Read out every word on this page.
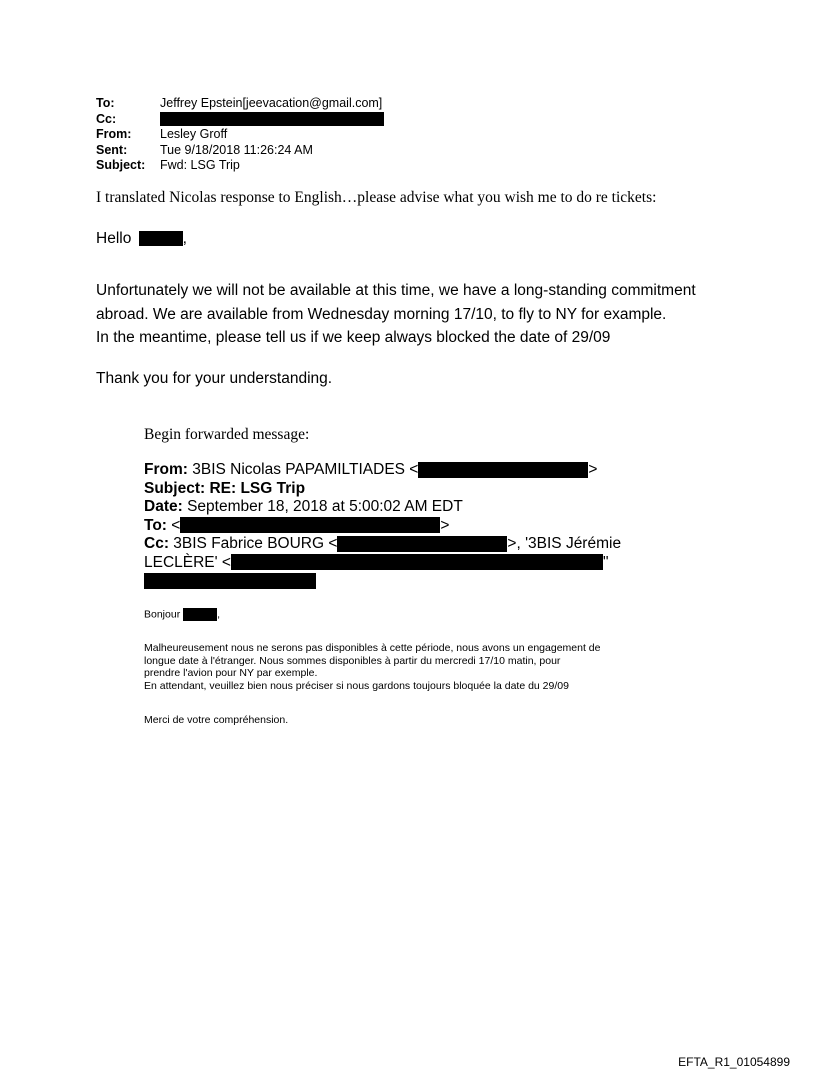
To:	Jeffrey Epstein[jeevacation@gmail.com]
Cc:
From:	Lesley Groff
Sent:	Tue 9/18/2018 11:26:24 AM
Subject:	Fwd: LSG Trip
I translated Nicolas response to English…please advise what you wish me to do re tickets:
Hello	,
Unfortunately we will not be available at this time, we have a long-standing commitment
abroad. We are available from Wednesday morning 17/10, to fly to NY for example.
In the meantime, please tell us if we keep always blocked the date of 29/09
Thank you for your understanding.
Begin forwarded message:
From: 3BIS Nicolas PAPAMILTIADES <	>
Subject: RE: LSG Trip
Date: September 18, 2018 at 5:00:02 AM EDT
To: <	>
Cc: 3BIS Fabrice BOURG <	>, '3BIS Jérémie
LECLÈRE' <	"
Bonjour	,
Malheureusement nous ne serons pas disponibles à cette période, nous avons un engagement de
longue date à l'étranger. Nous sommes disponibles à partir du mercredi 17/10 matin, pour
prendre l'avion pour NY par exemple.
En attendant, veuillez bien nous préciser si nous gardons toujours bloquée la date du 29/09
Merci de votre compréhension.
EFTA_R1_01054899
